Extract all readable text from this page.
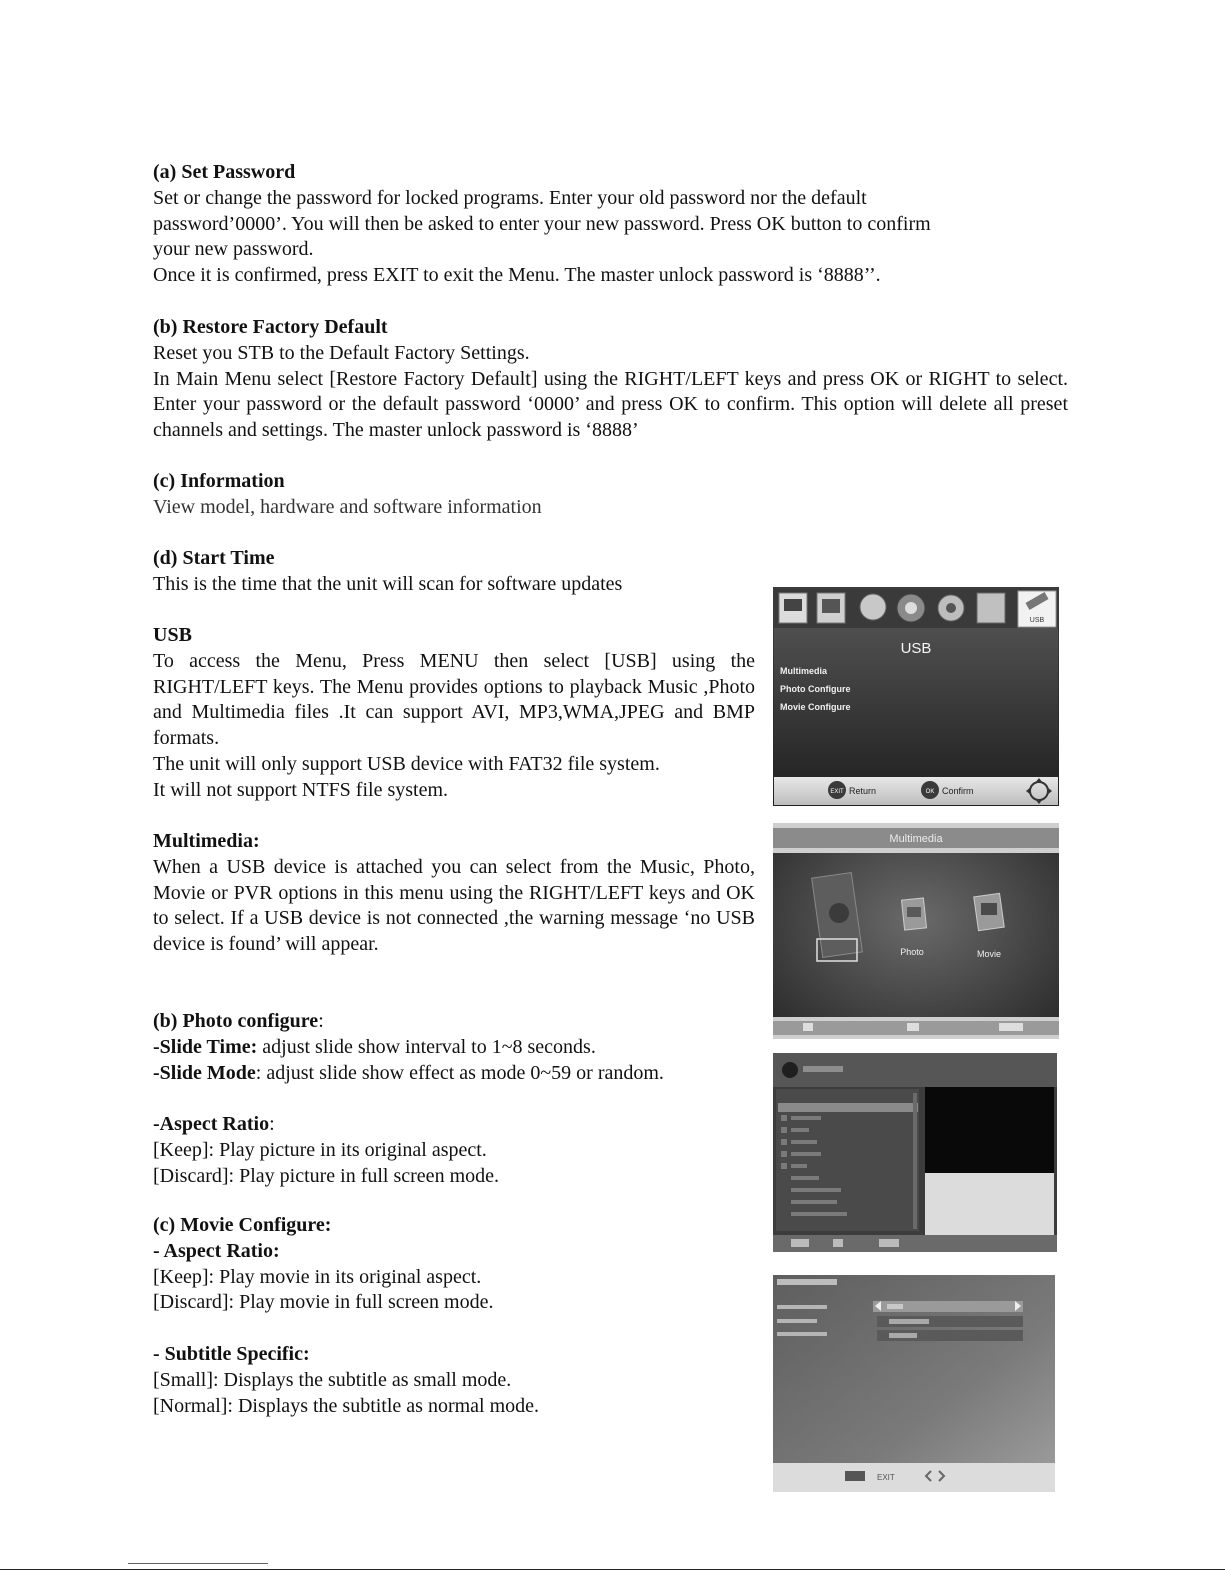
(a) Set Password

Set or change the password for locked programs. Enter your old password nor the default

password’0000’. You will then be asked to enter your new password. Press OK button to confirm

your new password.

Once it is confirmed, press EXIT to exit the Menu. The master unlock password is ‘8888’’.

(b) Restore Factory Default

Reset you STB to the Default Factory Settings.

In Main Menu select [Restore Factory Default] using the RIGHT/LEFT keys and press OK or RIGHT to select. Enter your password or the default password ‘0000’ and press OK to confirm. This option will delete all preset channels and settings. The master unlock password is ‘8888’

(c) Information

View model, hardware and software information

(d) Start Time

This is the time that the unit will scan for software updates

USB

To access the Menu, Press MENU then select [USB] using the RIGHT/LEFT keys. The Menu provides options to playback Music ,Photo and Multimedia files .It can support AVI, MP3,WMA,JPEG and BMP formats.

The unit will only support USB device with FAT32 file system.

It will not support NTFS file system.

Multimedia:

When a USB device is attached you can select from the Music, Photo, Movie or PVR options in this menu using the RIGHT/LEFT keys and OK to select. If a USB device is not connected ,the warning message ‘no USB device is found’ will appear.

(b) Photo configure:

-Slide Time: adjust slide show interval to 1~8 seconds.

-Slide Mode: adjust slide show effect as mode 0~59 or random.

-Aspect Ratio:

[Keep]: Play picture in its original aspect.

[Discard]: Play picture in full screen mode.

(c) Movie Configure:

- Aspect Ratio:

[Keep]: Play movie in its original aspect.

[Discard]: Play movie in full screen mode.

- Subtitle Specific:

[Small]: Displays the subtitle as small mode.

[Normal]: Displays the subtitle as normal mode.

USB
USB
Multimedia
Photo Configure
Movie Configure
EXIT Return	OK Confirm
Multimedia
Photo	Movie
EXIT
